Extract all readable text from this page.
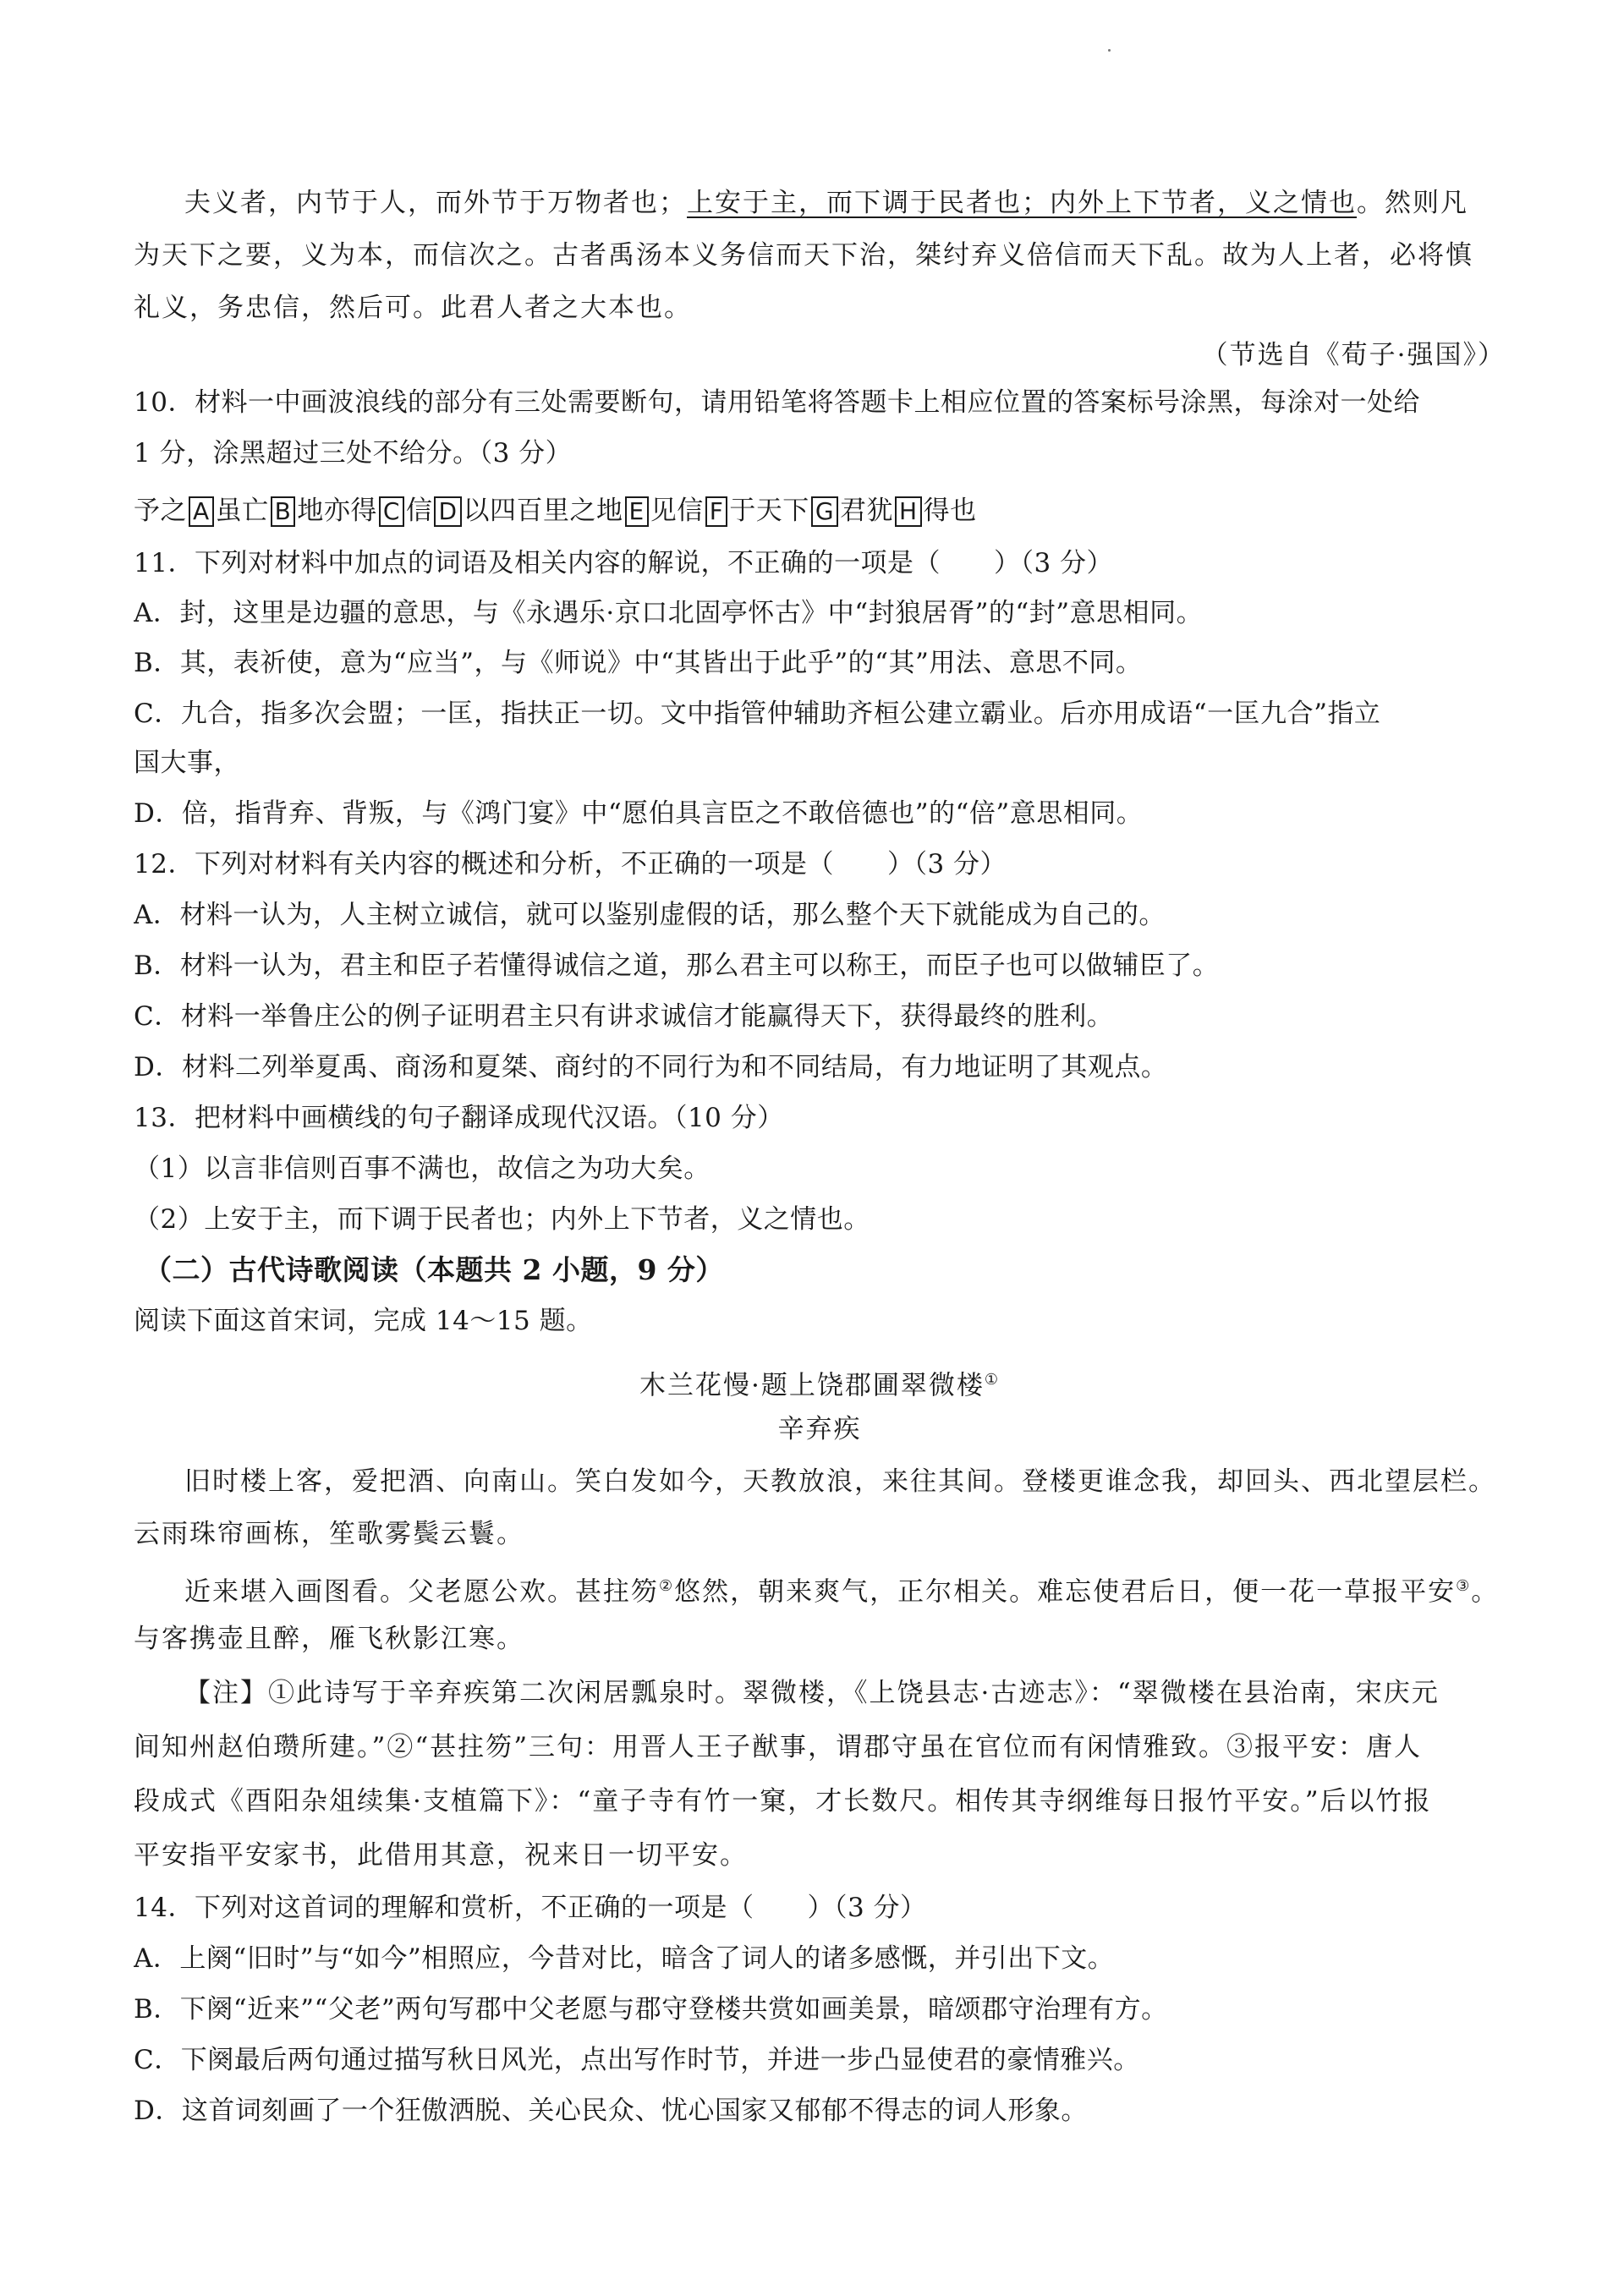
夫义者，内节于人，而外节于万物者也；上安于主，而下调于民者也；内外上下节者，义之情也。然则凡
为天下之要，义为本，而信次之。古者禹汤本义务信而天下治，桀纣弃义倍信而天下乱。故为人上者，必将慎
礼义，务忠信，然后可。此君人者之大本也。
（节选自《荀子·强国》）
10．材料一中画波浪线的部分有三处需要断句，请用铅笔将答题卡上相应位置的答案标号涂黑，每涂对一处给
1 分，涂黑超过三处不给分。（3 分）
予之 A 虽亡 B 地亦得 C 信 D 以四百里之地 E 见信 F 于天下 G 君犹 H 得也
11．下列对材料中加点的词语及相关内容的解说，不正确的一项是（　　）（3 分）
A．封，这里是边疆的意思，与《永遇乐·京口北固亭怀古》中“封狼居胥”的“封”意思相同。
B．其，表祈使，意为“应当”，与《师说》中“其皆出于此乎”的“其”用法、意思不同。
C．九合，指多次会盟；一匡，指扶正一切。文中指管仲辅助齐桓公建立霸业。后亦用成语“一匡九合”指立
国大事，
D．倍，指背弃、背叛，与《鸿门宴》中“愿伯具言臣之不敢倍德也”的“倍”意思相同。
12．下列对材料有关内容的概述和分析，不正确的一项是（　　）（3 分）
A．材料一认为，人主树立诚信，就可以鉴别虚假的话，那么整个天下就能成为自己的。
B．材料一认为，君主和臣子若懂得诚信之道，那么君主可以称王，而臣子也可以做辅臣了。
C．材料一举鲁庄公的例子证明君主只有讲求诚信才能赢得天下，获得最终的胜利。
D．材料二列举夏禹、商汤和夏桀、商纣的不同行为和不同结局，有力地证明了其观点。
13．把材料中画横线的句子翻译成现代汉语。（10 分）
（1）以言非信则百事不满也，故信之为功大矣。
（2）上安于主，而下调于民者也；内外上下节者，义之情也。
（二）古代诗歌阅读（本题共 2 小题，9 分）
阅读下面这首宋词，完成 14～15 题。
木兰花慢·题上饶郡圃翠微楼①
辛弃疾
旧时楼上客，爱把酒、向南山。笑白发如今，天教放浪，来往其间。登楼更谁念我，却回头、西北望层栏。
云雨珠帘画栋，笙歌雾鬓云鬟。
近来堪入画图看。父老愿公欢。甚拄笏②悠然，朝来爽气，正尔相关。难忘使君后日，便一花一草报平安③。
与客携壶且醉，雁飞秋影江寒。
【注】①此诗写于辛弃疾第二次闲居瓢泉时。翠微楼，《上饶县志·古迹志》：“翠微楼在县治南，宋庆元
间知州赵伯瓒所建。”②“甚拄笏”三句：用晋人王子猷事，谓郡守虽在官位而有闲情雅致。③报平安：唐人
段成式《酉阳杂俎续集·支植篇下》：“童子寺有竹一窠，才长数尺。相传其寺纲维每日报竹平安。”后以竹报
平安指平安家书，此借用其意，祝来日一切平安。
14．下列对这首词的理解和赏析，不正确的一项是（　　）（3 分）
A．上阕“旧时”与“如今”相照应，今昔对比，暗含了词人的诸多感慨，并引出下文。
B．下阕“近来”“父老”两句写郡中父老愿与郡守登楼共赏如画美景，暗颂郡守治理有方。
C．下阕最后两句通过描写秋日风光，点出写作时节，并进一步凸显使君的豪情雅兴。
D．这首词刻画了一个狂傲洒脱、关心民众、忧心国家又郁郁不得志的词人形象。
